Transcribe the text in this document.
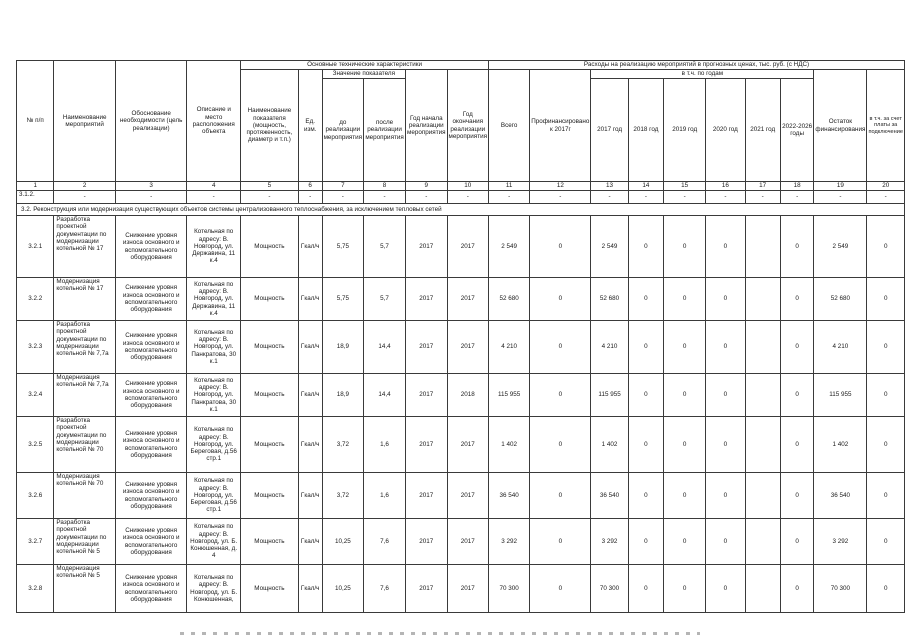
№ п/п	Наименование мероприятий	Обоснование необходимости (цель реализации)	Описание и место расположения объекта	Основные технические характеристики						Расходы на реализацию мероприятий в прогнозных ценах, тыс. руб. (с НДС)									
				Наименование показателя (мощность, протяженность, диаметр и т.п.)	Ед. изм.	Значение показателя		Год начала реализации мероприятия	Год окончания реализации мероприятия	Всего	Профинансировано к 2017г	в т.ч. по годам						Остаток финансирования	в т.ч. за счет платы за подключение
						до реализации мероприятия	после реализации мероприятия					2017 год	2018 год	2019 год	2020 год	2021 год	2022-2026 годы		
1	2	3	4	5	6	7	8	9	10	11	12	13	14	15	16	17	18	19	20
3.1.2.	-	-	-	-	-	-	-	-	-	-	-	-	-	-	-	-	-	-	-
3.2. Реконструкция или модернизация существующих объектов системы централизованного теплоснабжения, за исключением тепловых сетей																			
3.2.1	Разработка проектной документации по модернизации котельной № 17	Снижение уровня износа основного и вспомогательного оборудования	Котельная по адресу: В. Новгород, ул. Державина, 11 к.4	Мощность	Гкал/ч	5,75	5,7	2017	2017	2 549	0	2 549	0	0	0		0	2 549	0
3.2.2	Модернизация котельной № 17	Снижение уровня износа основного и вспомогательного оборудования	Котельная по адресу: В. Новгород, ул. Державина, 11 к.4	Мощность	Гкал/ч	5,75	5,7	2017	2017	52 680	0	52 680	0	0	0		0	52 680	0
3.2.3	Разработка проектной документации по модернизации котельной № 7,7а	Снижение уровня износа основного и вспомогательного оборудования	Котельная по адресу: В. Новгород, ул. Панкратова, 30 к.1	Мощность	Гкал/ч	18,9	14,4	2017	2017	4 210	0	4 210	0	0	0		0	4 210	0
3.2.4	Модернизация котельной № 7,7а	Снижение уровня износа основного и вспомогательного оборудования	Котельная по адресу: В. Новгород, ул. Панкратова, 30 к.1	Мощность	Гкал/ч	18,9	14,4	2017	2018	115 955	0	115 955	0	0	0		0	115 955	0
3.2.5	Разработка проектной документации по модернизации котельной № 70	Снижение уровня износа основного и вспомогательного оборудования	Котельная по адресу: В. Новгород, ул. Береговая, д.56 стр.1	Мощность	Гкал/ч	3,72	1,6	2017	2017	1 402	0	1 402	0	0	0		0	1 402	0
3.2.6	Модернизация котельной № 70	Снижение уровня износа основного и вспомогательного оборудования	Котельная по адресу: В. Новгород, ул. Береговая, д.56 стр.1	Мощность	Гкал/ч	3,72	1,6	2017	2017	36 540	0	36 540	0	0	0		0	36 540	0
3.2.7	Разработка проектной документации по модернизации котельной № 5	Снижение уровня износа основного и вспомогательного оборудования	Котельная по адресу: В. Новгород, ул. Б. Конюшенная, д. 4	Мощность	Гкал/ч	10,25	7,6	2017	2017	3 292	0	3 292	0	0	0		0	3 292	0
3.2.8	Модернизация котельной № 5	Снижение уровня износа основного и вспомогательного оборудования	Котельная по адресу: В. Новгород, ул. Б. Конюшенная,	Мощность	Гкал/ч	10,25	7,6	2017	2017	70 300	0	70 300	0	0	0		0	70 300	0
